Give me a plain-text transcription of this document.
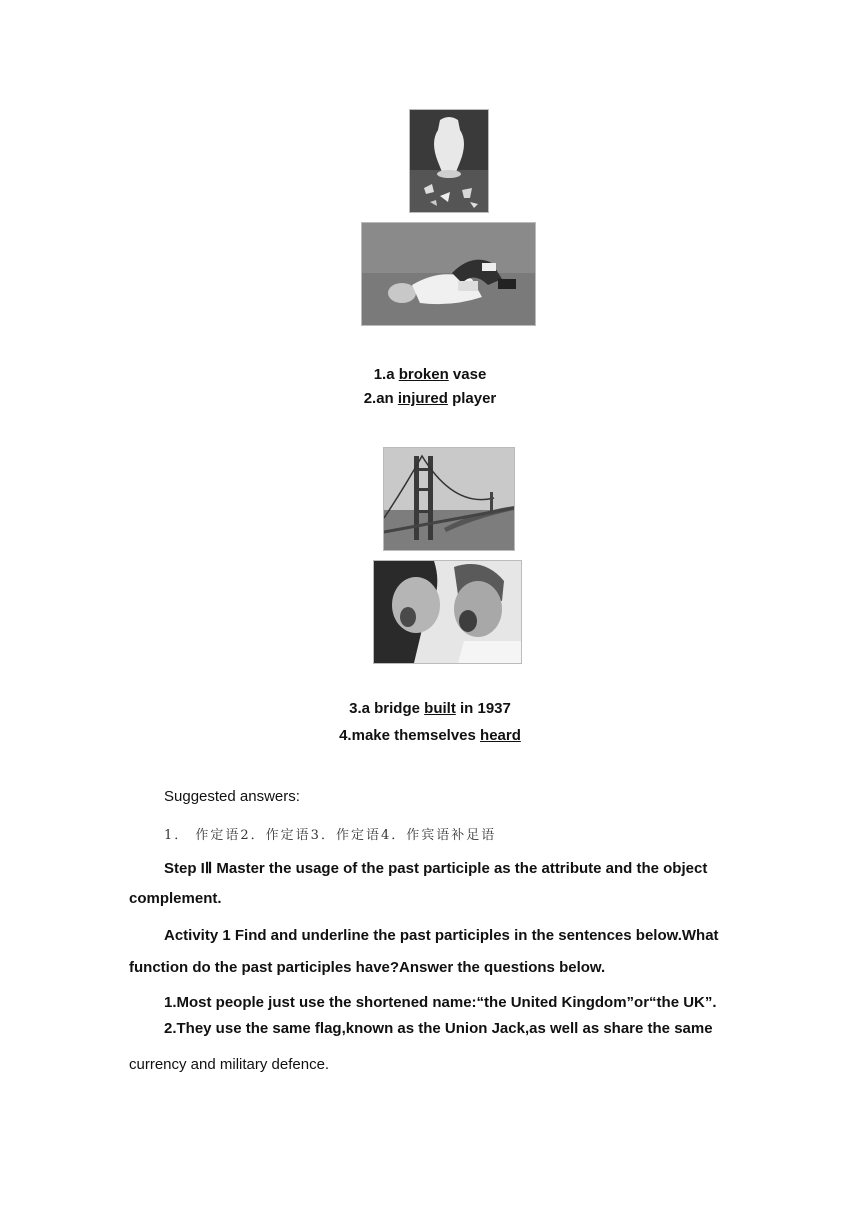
1.a broken vase
2.an injured player
3.a bridge built in 1937
4.make themselves heard
Suggested answers:
1． 作定语2．作定语3．作定语4．作宾语补足语
Step IⅡ Master the usage of the past participle as the attribute and the object
complement.
Activity 1 Find and underline the past participles in the sentences below.What
function do the past participles have?Answer the questions below.
1.Most people just use the shortened name:“the United Kingdom”or“the UK”.
2.They use the same flag,known as the Union Jack,as well as share the same
currency and military defence.
